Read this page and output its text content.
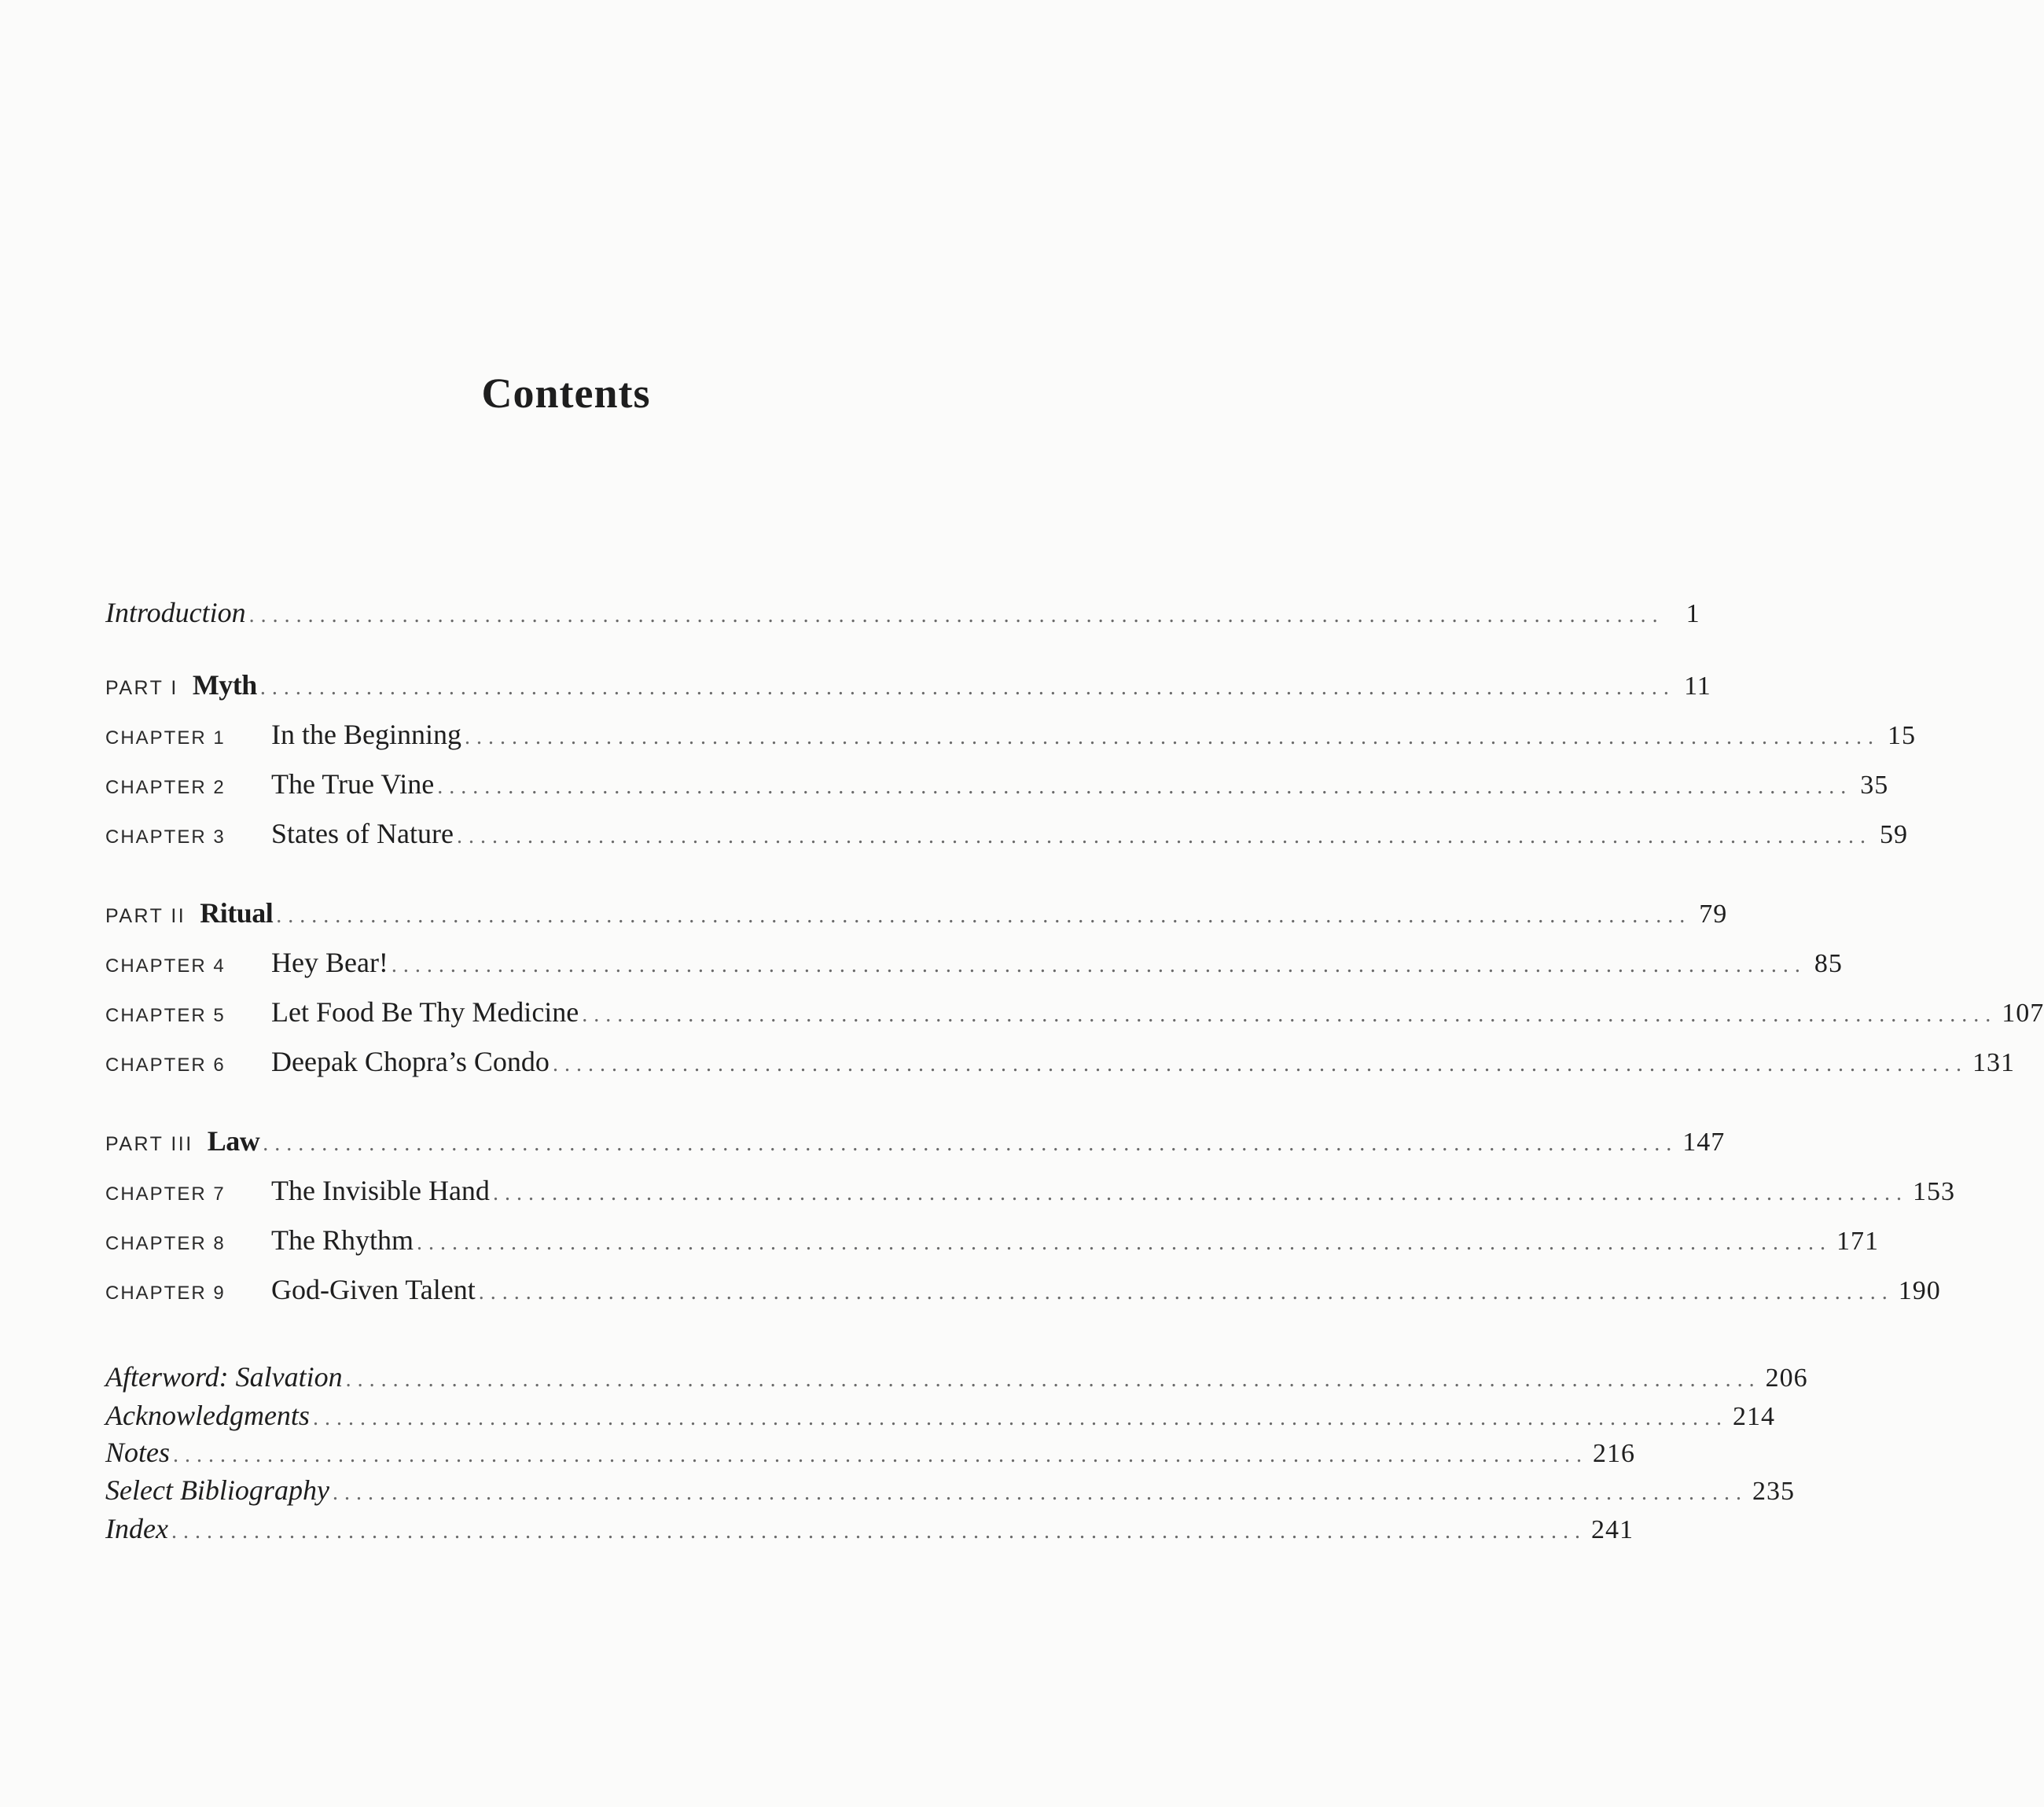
Contents
Introduction ........................................................................................................................ 1
PART I Myth ........................................................................................................................ 11
CHAPTER 1	In the Beginning ........................................................................................................................ 15
CHAPTER 2	The True Vine ........................................................................................................................ 35
CHAPTER 3	States of Nature ........................................................................................................................ 59
PART II Ritual ........................................................................................................................ 79
CHAPTER 4	Hey Bear! ........................................................................................................................ 85
CHAPTER 5	Let Food Be Thy Medicine ........................................................................................................................ 107
CHAPTER 6	Deepak Chopra’s Condo ........................................................................................................................ 131
PART III Law ........................................................................................................................ 147
CHAPTER 7	The Invisible Hand ........................................................................................................................ 153
CHAPTER 8	The Rhythm ........................................................................................................................ 171
CHAPTER 9	God-Given Talent ........................................................................................................................ 190
Afterword: Salvation ........................................................................................................................ 206
Acknowledgments ........................................................................................................................ 214
Notes ........................................................................................................................ 216
Select Bibliography ........................................................................................................................ 235
Index ........................................................................................................................ 241
